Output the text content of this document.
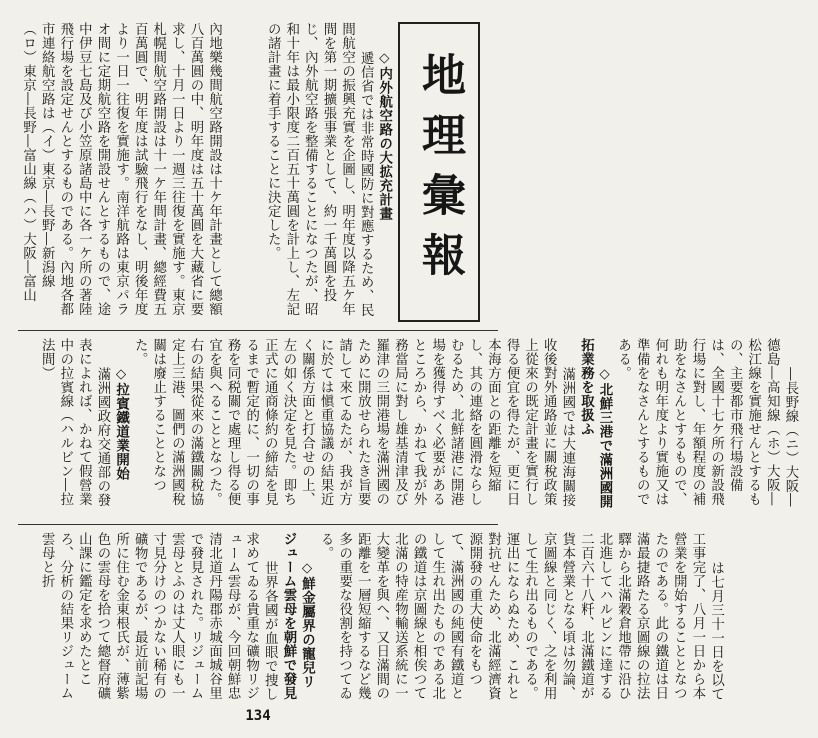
地理彙報

◇内外航空路の大拡充計畫
遞信省では非常時國防に對應するため、民間航空の振興充實を企圖し、明年度以降五ケ年間を第一期擴張事業として、約一千萬圓を投じ、內外航空路を整備することになつたが、昭和十年は最小限度二百五十萬圓を計上し、左記の諸計畫に着手することに決定した。

內地樂幾間航空路開設は十ケ年計畫として總額八百萬圓の中、明年度は五十萬圓を大藏省に要求し、十月一日より一週三往復を實施す。東京札幌間航空路開設は十一ケ年間計畫、總經費五百萬圓で、明年度は試驗飛行をなし、明後年度より一日一往復を實施す。南洋航路は東京パラオ間に定期航空路を開設せんとするもので、途中伊豆七島及び小笠原諸島中に各一ケ所の著陸飛行場を設定せんとするものである。內地各都市連絡航空路は（イ）東京―長野―新潟線（ロ）東京―長野―富山線（ハ）大阪―富山

―長野線（ニ）大阪―德島―高知線（ホ）大阪―松江線を實施せんとするもの、主要都市飛行場設備は、全國十七ケ所の新設飛行場に對し、年額程度の補助をなさんとするもので、何れも明年度より實施又は準備をなさんとするものである。
◇北鮮三港で滿洲國開拓業務を取扱ふ
滿洲國では大連海關接收後對外通路並に關稅政策上從來の既定計畫を實行し得る便宜を得たが、更に日本海方面との距離を短縮し、其の連絡を圓滑ならしむるため、北鮮諸港に開港場を獲得すべく必要があるところから、かねて我が外務當局に對し雄基清津及び羅津の三開港場を滿洲國のために開放せられたき旨要請して來てゐたが、我が方に於ては愼重協議の結果近く關係方面と打合せの上、左の如く決定を見た。即ち正式に通商條約の締結を見るまで暫定的に、一切の事務を同税關で處理し得る便宜を與へることとなつた。右の結果從來の滿鐵關稅協定上三港、圖們の滿洲國稅關は廢止することとなつた。
◇拉賓鐵道業開始
滿洲國政府交通部の發表によれば、かねて假營業中の拉賓線（ハルビン―拉法間）

は七月三十一日を以て工事完了、八月一日から本營業を開始することとなつたのである。此の鐵道は日滿最捷路たる京圖線の拉法驛から北滿穀倉地帶に沿ひ北進してハルビンに達する二百六十八粁、北滿鐵道が貨本營業となる頃は勿論、京圖線と同じく、之を利用して生れ出るものである。運出にならぬため、これと對抗せんため、北滿經濟資源開發の重大使命をもつて、滿洲國の純國有鐵道として生れ出たものである北の鐵道は京圖線と相俟つて北滿の特産物輸送系統に一大變革を與へ、又日滿間の距離を一層短縮するなど幾多の重要な役割を持つてゐる。
◇鮮金屬界の寵兒リジューム雲母を朝鮮で發見
世界各國が血眼で捜し求めてゐる貴重な礦物リジューム雲母が、今回朝鮮忠清北道丹陽郡赤城面城谷里で發見された。リジューム雲母とふのは丈人眼にも一寸見分けのつかない稀有の礦物であるが、最近前記場所に住む金東根氏が、薄紫色の雲母を拾つて總督府礦山課に鑑定を求めたところ、分析の結果リジューム雲母と折

134
